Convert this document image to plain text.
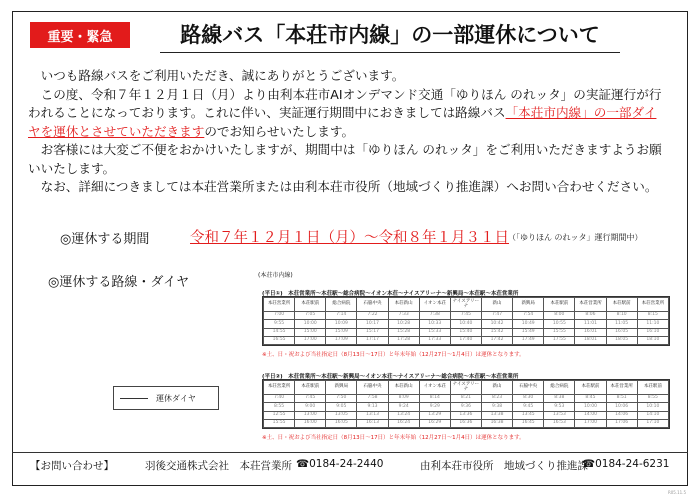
重要・緊急	路線バス「本荘市内線」の一部運休について

いつも路線バスをご利用いただき、誠にありがとうございます。

この度、令和７年１２月１日（月）より由利本荘市AIオンデマンド交通「ゆりほん のれッタ」の実証運行が行われることになっております。これに伴い、実証運行期間中におきましては路線バス「本荘市内線」の一部ダイヤを運休とさせていただきますのでお知らせいたします。

お客様には大変ご不便をおかけいたしますが、期間中は「ゆりほん のれッタ」をご利用いただきますようお願いいたします。

なお、詳細につきましては本荘営業所または由利本荘市役所（地域づくり推進課）へお問い合わせください。

◎運休する期間	令和７年１２月１日（月）～令和８年１月３１日 （「ゆりほん のれッタ」運行期間中）
◎運休する路線・ダイヤ
運休ダイヤ
(本荘市内線)
(平日①)　本荘営業所～本荘駅～総合病院～イオン本荘～ナイスアリーナ～新興局～本荘駅～本荘営業所
本荘営業所	本荘駅前	総合病院	石脇中央	本荘新山	イオン本荘	ナイスアリーナ	新山	新興局	本荘駅前	本荘営業所	本荘駅前	本荘営業所
7:00	7:05	7:14	7:22	7:33	7:38	7:45	7:47	7:54	8:00	8:06	8:10	8:15
9:55	10:00	10:09	10:17	10:28	10:33	10:40	10:42	10:49	10:55	11:01	11:05	11:10
14:55	15:00	15:09	15:17	15:28	15:33	15:40	15:42	15:49	15:55	16:01	16:05	16:10
16:55	17:00	17:09	17:17	17:28	17:33	17:40	17:42	17:49	17:55	18:01	18:05	18:10
※土、日・祝および当社指定日（8月13日～17日）と年末年始（12月27日～1月4日）は運休となります。
(平日②)　本荘営業所～本荘駅～新興局～イオン本荘～ナイスアリーナ～総合病院～本荘駅～本荘営業所
本荘営業所	本荘駅前	新興局	石脇中央	本荘新山	イオン本荘	ナイスアリーナ	新山	石脇中央	総合病院	本荘駅前	本荘営業所	本荘駅前
7:40	7:45	7:50	7:58	8:09	8:14	8:21	8:23	8:30	8:38	8:45	8:51	8:55
8:55	9:00	9:05	9:13	9:24	9:29	9:36	9:38	9:45	9:53	10:00	10:06	10:10
12:55	13:00	13:05	13:13	13:24	13:29	13:36	13:38	13:45	13:53	14:00	14:06	14:10
15:55	16:00	16:05	16:13	16:24	16:29	16:36	16:38	16:45	16:53	17:00	17:06	17:10
※土、日・祝および当社指定日（8月13日～17日）と年末年始（12月27日～1月4日）は運休となります。
【お問い合わせ】	羽後交通株式会社　本荘営業所 ☎0184-24-2440	由利本荘市役所　地域づくり推進課
☎0184-24-6231
R05.11.5
